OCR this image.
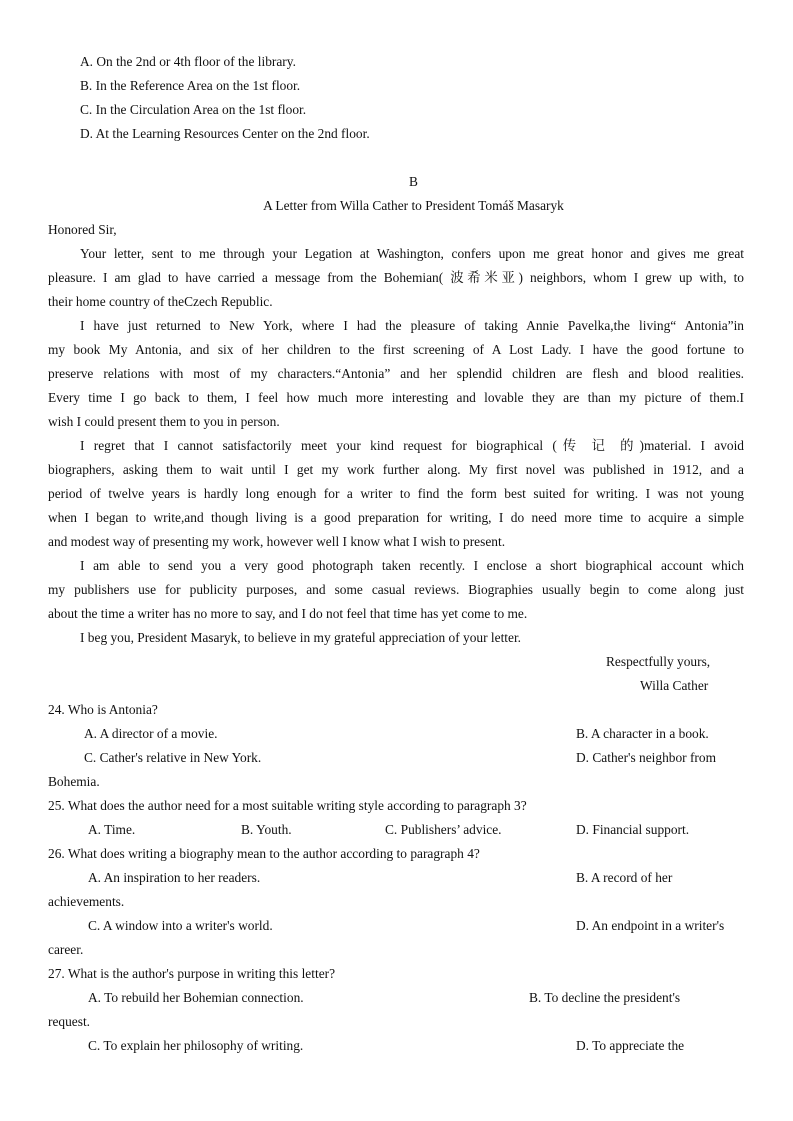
A. On the 2nd or 4th floor of the library.
B. In the Reference Area on the 1st floor.
C. In the Circulation Area on the 1st floor.
D. At the Learning Resources Center on the 2nd floor.
B
A Letter from Willa Cather to President Tomáš Masaryk
Honored Sir,
Your letter, sent to me through your Legation at Washington, confers upon me great honor and gives me great
pleasure. I am glad to have carried a message from the Bohemian( 波希米亚) neighbors, whom I grew up with, to
their home country of theCzech Republic.
I have just returned to New York, where I had the pleasure of taking Annie Pavelka,the living“ Antonia”in
my book My Antonia, and six of her children to the first screening of A Lost Lady. I have the good fortune to
preserve relations with most of my characters.“Antonia” and her splendid children are flesh and blood realities.
Every time I go back to them, I feel how much more interesting and lovable they are than my picture of them.I
wish I could present them to you in person.
I regret that I cannot satisfactorily meet your kind request for biographical (传 记 的)material. I avoid
biographers, asking them to wait until I get my work further along. My first novel was published in 1912, and a
period of twelve years is hardly long enough for a writer to find the form best suited for writing. I was not young
when I began to write,and though living is a good preparation for writing, I do need more time to acquire a simple
and modest way of presenting my work, however well I know what I wish to present.
I am able to send you a very good photograph taken recently. I enclose a short biographical account which
my publishers use for publicity purposes, and some casual reviews. Biographies usually begin to come along just
about the time a writer has no more to say, and I do not feel that time has yet come to me.
I beg you, President Masaryk, to believe in my grateful appreciation of your letter.
Respectfully yours,
Willa Cather
24. Who is Antonia?
A. A director of a movie.	B. A character in a book.
C. Cather's relative in New York.	D. Cather's neighbor from
Bohemia.
25. What does the author need for a most suitable writing style according to paragraph 3?
A. Time.	B. Youth.	C. Publishers’ advice.	D. Financial support.
26. What does writing a biography mean to the author according to paragraph 4?
A. An inspiration to her readers.	B. A record of her
achievements.
C. A window into a writer's world.	D. An endpoint in a writer's
career.
27. What is the author's purpose in writing this letter?
A. To rebuild her Bohemian connection.	B. To decline the president's
request.
C. To explain her philosophy of writing.	D. To appreciate the
